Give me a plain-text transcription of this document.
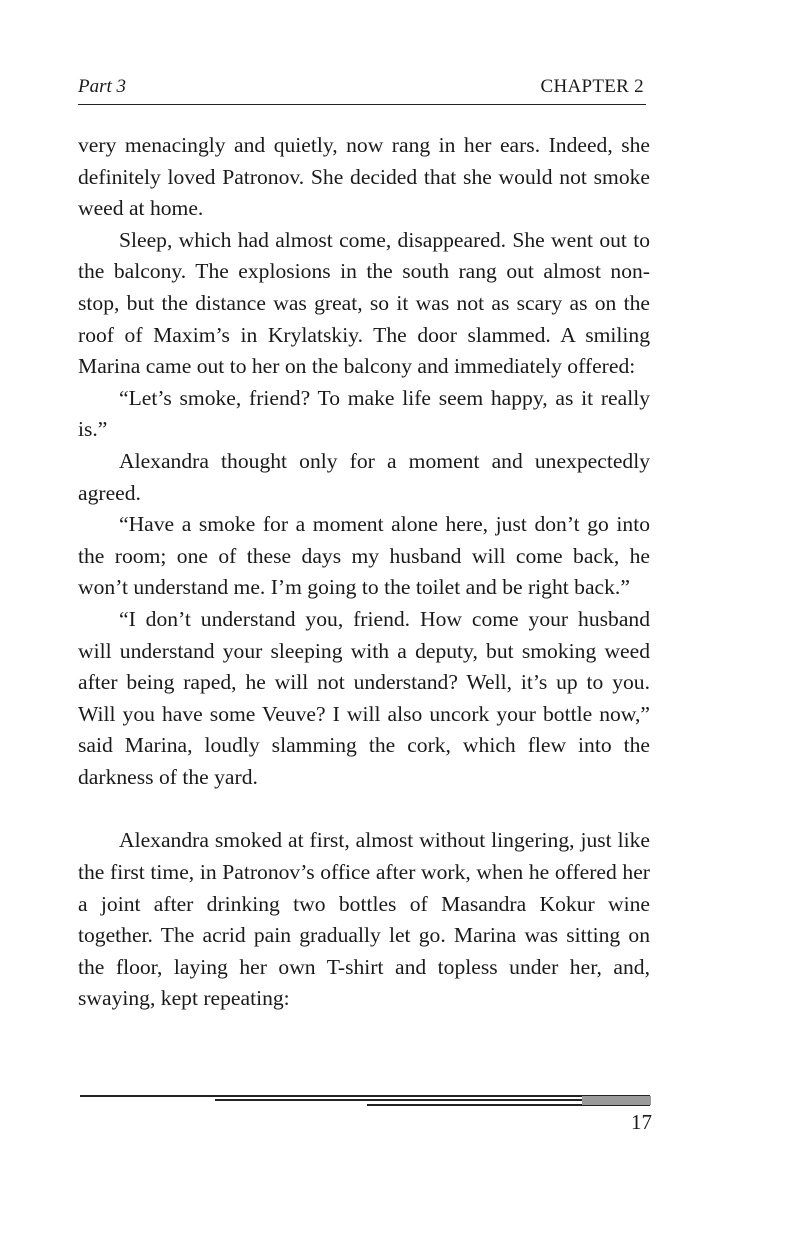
Part 3	CHAPTER 2

very menacingly and quietly, now rang in her ears. Indeed, she definitely loved Patronov. She decided that she would not smoke weed at home.

Sleep, which had almost come, disappeared. She went out to the balcony. The explosions in the south rang out almost non-stop, but the distance was great, so it was not as scary as on the roof of Maxim’s in Krylatskiy. The door slammed. A smiling Marina came out to her on the balcony and immediately offered:

“Let’s smoke, friend? To make life seem happy, as it really is.”

Alexandra thought only for a moment and unexpectedly agreed.

“Have a smoke for a moment alone here, just don’t go into the room; one of these days my husband will come back, he won’t understand me. I’m going to the toilet and be right back.”

“I don’t understand you, friend. How come your husband will understand your sleeping with a deputy, but smoking weed after being raped, he will not understand? Well, it’s up to you. Will you have some Veuve? I will also uncork your bottle now,” said Marina, loudly slamming the cork, which flew into the darkness of the yard.

Alexandra smoked at first, almost without lingering, just like the first time, in Patronov’s office after work, when he offered her a joint after drinking two bottles of Masandra Kokur wine together. The acrid pain gradually let go. Marina was sitting on the floor, laying her own T-shirt and topless under her, and, swaying, kept repeating:

17
